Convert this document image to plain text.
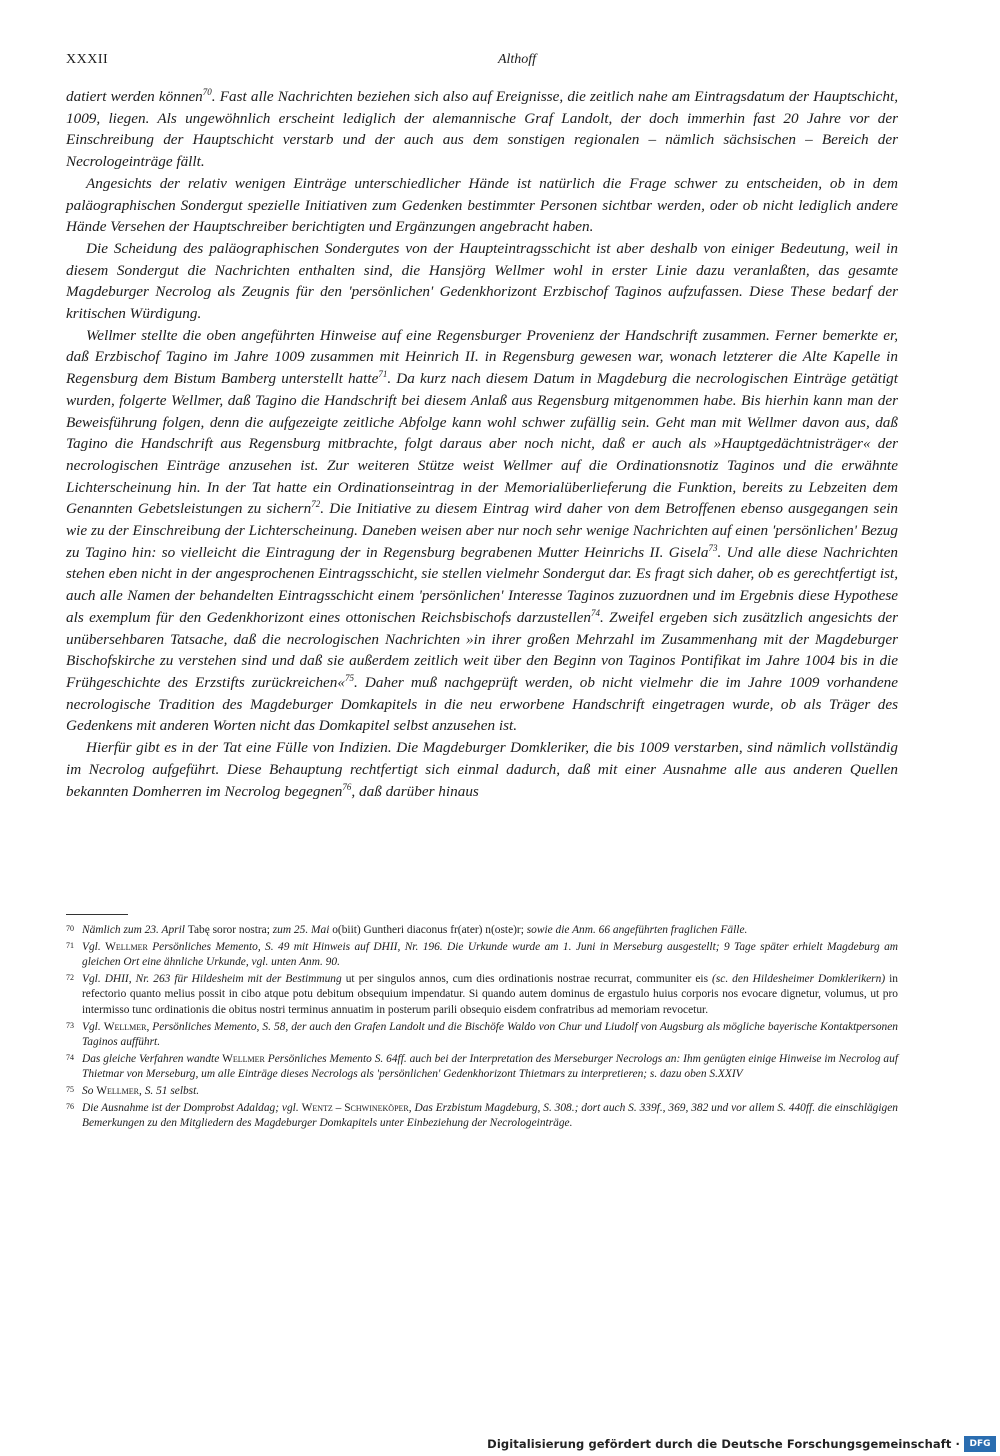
XXXII	Althoff

datiert werden können$^{70}$. Fast alle Nachrichten beziehen sich also auf Ereignisse, die zeitlich nahe am Eintragsdatum der Hauptschicht, 1009, liegen. Als ungewöhnlich erscheint lediglich der alemannische Graf Landolt, der doch immerhin fast 20 Jahre vor der Einschreibung der Hauptschicht verstarb und der auch aus dem sonstigen regionalen – nämlich sächsischen – Bereich der Necrologeinträge fällt.

Angesichts der relativ wenigen Einträge unterschiedlicher Hände ist natürlich die Frage schwer zu entscheiden, ob in dem paläographischen Sondergut spezielle Initiativen zum Gedenken bestimmter Personen sichtbar werden, oder ob nicht lediglich andere Hände Versehen der Hauptschreiber berichtigten und Ergänzungen angebracht haben.

Die Scheidung des paläographischen Sondergutes von der Haupteintragsschicht ist aber deshalb von einiger Bedeutung, weil in diesem Sondergut die Nachrichten enthalten sind, die Hansjörg Wellmer wohl in erster Linie dazu veranlaßten, das gesamte Magdeburger Necrolog als Zeugnis für den 'persönlichen' Gedenkhorizont Erzbischof Taginos aufzufassen. Diese These bedarf der kritischen Würdigung.

Wellmer stellte die oben angeführten Hinweise auf eine Regensburger Provenienz der Handschrift zusammen. Ferner bemerkte er, daß Erzbischof Tagino im Jahre 1009 zusammen mit Heinrich II. in Regensburg gewesen war, wonach letzterer die Alte Kapelle in Regensburg dem Bistum Bamberg unterstellt hatte$^{71}$. Da kurz nach diesem Datum in Magdeburg die necrologischen Einträge getätigt wurden, folgerte Wellmer, daß Tagino die Handschrift bei diesem Anlaß aus Regensburg mitgenommen habe. Bis hierhin kann man der Beweisführung folgen, denn die aufgezeigte zeitliche Abfolge kann wohl schwer zufällig sein. Geht man mit Wellmer davon aus, daß Tagino die Handschrift aus Regensburg mitbrachte, folgt daraus aber noch nicht, daß er auch als »Hauptgedächtnisträger« der necrologischen Einträge anzusehen ist. Zur weiteren Stütze weist Wellmer auf die Ordinationsnotiz Taginos und die erwähnte Lichterscheinung hin. In der Tat hatte ein Ordinationseintrag in der Memorialüberlieferung die Funktion, bereits zu Lebzeiten dem Genannten Gebetsleistungen zu sichern$^{72}$. Die Initiative zu diesem Eintrag wird daher von dem Betroffenen ebenso ausgegangen sein wie zu der Einschreibung der Lichterscheinung. Daneben weisen aber nur noch sehr wenige Nachrichten auf einen 'persönlichen' Bezug zu Tagino hin: so vielleicht die Eintragung der in Regensburg begrabenen Mutter Heinrichs II. Gisela$^{73}$. Und alle diese Nachrichten stehen eben nicht in der angesprochenen Eintragsschicht, sie stellen vielmehr Sondergut dar. Es fragt sich daher, ob es gerechtfertigt ist, auch alle Namen der behandelten Eintragsschicht einem 'persönlichen' Interesse Taginos zuzuordnen und im Ergebnis diese Hypothese als exemplum für den Gedenkhorizont eines ottonischen Reichsbischofs darzustellen$^{74}$. Zweifel ergeben sich zusätzlich angesichts der unübersehbaren Tatsache, daß die necrologischen Nachrichten »in ihrer großen Mehrzahl im Zusammenhang mit der Magdeburger Bischofskirche zu verstehen sind und daß sie außerdem zeitlich weit über den Beginn von Taginos Pontifikat im Jahre 1004 bis in die Frühgeschichte des Erzstifts zurückreichen«$^{75}$. Daher muß nachgeprüft werden, ob nicht vielmehr die im Jahre 1009 vorhandene necrologische Tradition des Magdeburger Domkapitels in die neu erworbene Handschrift eingetragen wurde, ob als Träger des Gedenkens mit anderen Worten nicht das Domkapitel selbst anzusehen ist.

Hierfür gibt es in der Tat eine Fülle von Indizien. Die Magdeburger Domkleriker, die bis 1009 verstarben, sind nämlich vollständig im Necrolog aufgeführt. Diese Behauptung rechtfertigt sich einmal dadurch, daß mit einer Ausnahme alle aus anderen Quellen bekannten Domherren im Necrolog begegnen$^{76}$, daß darüber hinaus

70 Nämlich zum 23. April Tabę soror nostra; zum 25. Mai o(biit) Guntheri diaconus fr(ater) n(oste)r; sowie die Anm. 66 angeführten fraglichen Fälle.
71 Vgl. Wellmer Persönliches Memento, S. 49 mit Hinweis auf DHII, Nr. 196. Die Urkunde wurde am 1. Juni in Merseburg ausgestellt; 9 Tage später erhielt Magdeburg am gleichen Ort eine ähnliche Urkunde, vgl. unten Anm. 90.
72 Vgl. DHII, Nr. 263 für Hildesheim mit der Bestimmung ut per singulos annos, cum dies ordinationis nostrae recurrat, communiter eis (sc. den Hildesheimer Domklerikern) in refectorio quanto melius possit in cibo atque potu debitum obsequium impendatur. Si quando autem dominus de ergastulo huius corporis nos evocare dignetur, volumus, ut pro intermisso tunc ordinationis die obitus nostri terminus annuatim in posterum parili obsequio eisdem confratribus ad memoriam revocetur.
73 Vgl. Wellmer, Persönliches Memento, S. 58, der auch den Grafen Landolt und die Bischöfe Waldo von Chur und Liudolf von Augsburg als mögliche bayerische Kontaktpersonen Taginos aufführt.
74 Das gleiche Verfahren wandte Wellmer Persönliches Memento S. 64ff. auch bei der Interpretation des Merseburger Necrologs an: Ihm genügten einige Hinweise im Necrolog auf Thietmar von Merseburg, um alle Einträge dieses Necrologs als 'persönlichen' Gedenkhorizont Thietmars zu interpretieren; s. dazu oben S.XXIV
75 So Wellmer, S. 51 selbst.
76 Die Ausnahme ist der Domprobst Adaldag; vgl. Wentz – Schwineköper, Das Erzbistum Magdeburg, S. 308.; dort auch S. 339f., 369, 382 und vor allem S. 440ff. die einschlägigen Bemerkungen zu den Mitgliedern des Magdeburger Domkapitels unter Einbeziehung der Necrologeinträge.
Digitalisierung gefördert durch die Deutsche Forschungsgemeinschaft ·	DFG
